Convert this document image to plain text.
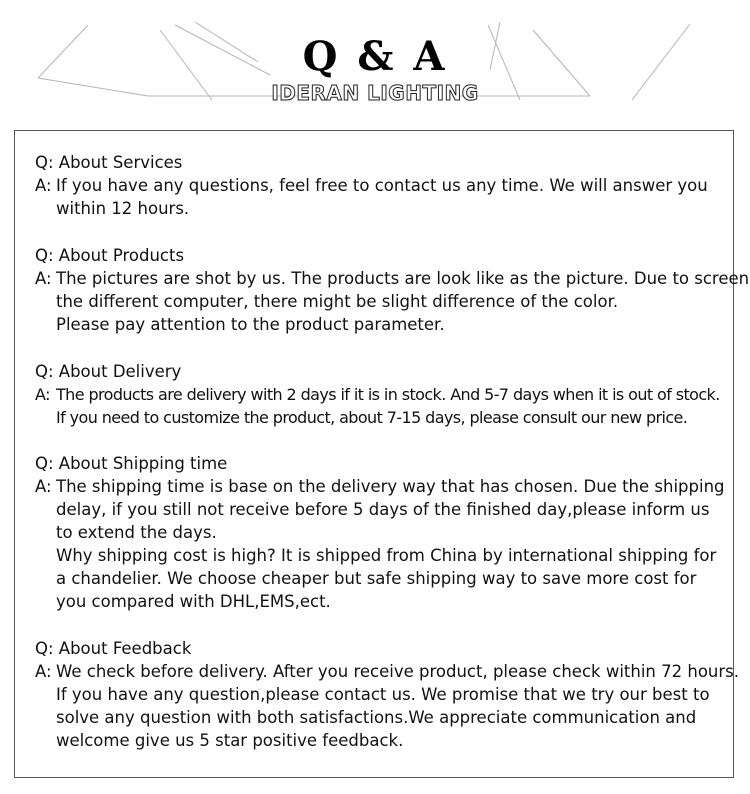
Q & A
IDERAN LIGHTING
Q: About Services
A: If you have any questions, feel free to contact us any time. We will answer you
within 12 hours.
Q: About Products
A: The pictures are shot by us. The products are look like as the picture. Due to screen
the different computer, there might be slight difference of the color.
Please pay attention to the product parameter.
Q: About Delivery
A: The products are delivery with 2 days if it is in stock. And 5-7 days when it is out of stock.
If you need to customize the product, about 7-15 days, please consult our new price.
Q: About Shipping time
A: The shipping time is base on the delivery way that has chosen. Due the shipping
delay, if you still not receive before 5 days of the finished day,please inform us
to extend the days.
Why shipping cost is high? It is shipped from China by international shipping for
a chandelier. We choose cheaper but safe shipping way to save more cost for
you compared with DHL,EMS,ect.
Q: About Feedback
A: We check before delivery. After you receive product, please check within 72 hours.
If you have any question,please contact us. We promise that we try our best to
solve any question with both satisfactions.We appreciate communication and
welcome give us 5 star positive feedback.
